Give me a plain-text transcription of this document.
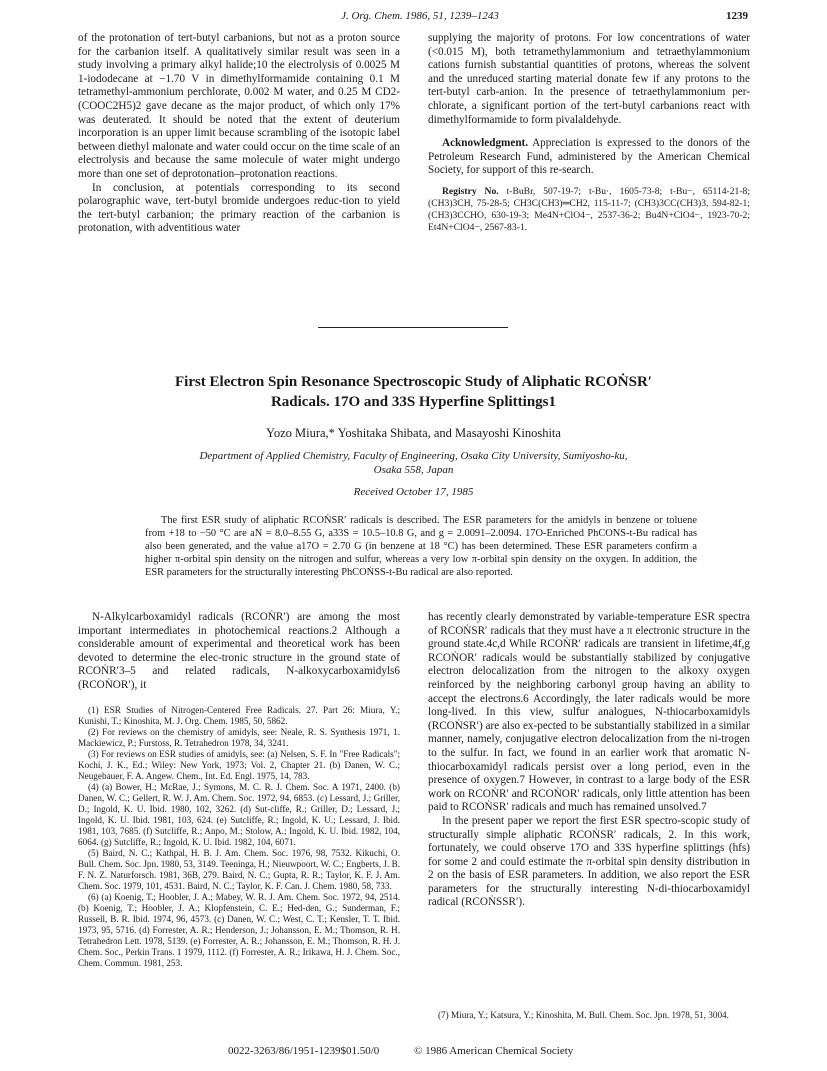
J. Org. Chem. 1986, 51, 1239–1243	1239

of the protonation of tert-butyl carbanions, but not as a proton source for the carbanion itself. A qualitatively similar result was seen in a study involving a primary alkyl halide;10 the electrolysis of 0.0025 M 1-iododecane at −1.70 V in dimethylformamide containing 0.1 M tetramethyl-ammonium perchlorate, 0.002 M water, and 0.25 M CD2-(COOC2H5)2 gave decane as the major product, of which only 17% was deuterated. It should be noted that the extent of deuterium incorporation is an upper limit because scrambling of the isotopic label between diethyl malonate and water could occur on the time scale of an electrolysis and because the same molecule of water might undergo more than one set of deprotonation–protonation reactions.

In conclusion, at potentials corresponding to its second polarographic wave, tert-butyl bromide undergoes reduc-tion to yield the tert-butyl carbanion; the primary reaction of the carbanion is protonation, with adventitious water

supplying the majority of protons. For low concentrations of water (<0.015 M), both tetramethylammonium and tetraethylammonium cations furnish substantial quantities of protons, whereas the solvent and the unreduced starting material donate few if any protons to the tert-butyl carb-anion. In the presence of tetraethylammonium per-chlorate, a significant portion of the tert-butyl carbanions react with dimethylformamide to form pivalaldehyde.

Acknowledgment. Appreciation is expressed to the donors of the Petroleum Research Fund, administered by the American Chemical Society, for support of this re-search.

Registry No. t-BuBr, 507-19-7; t-Bu·, 1605-73-8; t-Bu−, 65114-21-8; (CH3)3CH, 75-28-5; CH3C(CH3)═CH2, 115-11-7; (CH3)3CC(CH3)3, 594-82-1; (CH3)3CCHO, 630-19-3; Me4N+ClO4−, 2537-36-2; Bu4N+ClO4−, 1923-70-2; Et4N+ClO4−, 2567-83-1.

First Electron Spin Resonance Spectroscopic Study of Aliphatic RCOṄSR′
Radicals. 17O and 33S Hyperfine Splittings1
Yozo Miura,* Yoshitaka Shibata, and Masayoshi Kinoshita
Department of Applied Chemistry, Faculty of Engineering, Osaka City University, Sumiyosho-ku,
Osaka 558, Japan
Received October 17, 1985

The first ESR study of aliphatic RCOṄSR′ radicals is described. The ESR parameters for the amidyls in benzene or toluene from +18 to −50 °C are aN = 8.0–8.55 G, a33S = 10.5–10.8 G, and g = 2.0091–2.0094. 17O-Enriched PhCONS-t-Bu radical has also been generated, and the value a17O = 2.70 G (in benzene at 18 °C) has been determined. These ESR parameters confirm a higher π-orbital spin density on the nitrogen and sulfur, whereas a very low π-orbital spin density on the oxygen. In addition, the ESR parameters for the structurally interesting PhCOṄSS-t-Bu radical are also reported.

N-Alkylcarboxamidyl radicals (RCOṄR′) are among the most important intermediates in photochemical reactions.2 Although a considerable amount of experimental and theoretical work has been devoted to determine the elec-tronic structure in the ground state of RCOṄR′3–5 and related radicals, N-alkoxycarboxamidyls6 (RCOṄOR′), it

(1) ESR Studies of Nitrogen-Centered Free Radicals. 27. Part 26: Miura, Y.; Kunishi, T.; Kinoshita, M. J. Org. Chem. 1985, 50, 5862.

(2) For reviews on the chemistry of amidyls, see: Neale, R. S. Synthesis 1971, 1. Mackiewicz, P.; Furstoss, R. Tetrahedron 1978, 34, 3241.

(3) For reviews on ESR studies of amidyls, see: (a) Nelsen, S. F. In "Free Radicals"; Kochi, J. K., Ed.; Wiley: New York, 1973; Vol. 2, Chapter 21. (b) Danen, W. C.; Neugebauer, F. A. Angew. Chem., Int. Ed. Engl. 1975, 14, 783.

(4) (a) Bower, H.; McRae, J.; Symons, M. C. R. J. Chem. Soc. A 1971, 2400. (b) Danen, W. C.; Gellert, R. W. J. Am. Chem. Soc. 1972, 94, 6853. (c) Lessard, J.; Griller, D.; Ingold, K. U. Ibid. 1980, 102, 3262. (d) Sut-cliffe, R.; Griller, D.; Lessard, J.; Ingold, K. U. Ibid. 1981, 103, 624. (e) Sutcliffe, R.; Ingold, K. U.; Lessard, J. Ibid. 1981, 103, 7685. (f) Sutcliffe, R.; Anpo, M.; Stolow, A.; Ingold, K. U. Ibid. 1982, 104, 6064. (g) Sutcliffe, R.; Ingold, K. U. Ibid. 1982, 104, 6071.

(5) Baird, N. C.; Kathpal, H. B. J. Am. Chem. Soc. 1976, 98, 7532. Kikuchi, O. Bull. Chem. Soc. Jpn. 1980, 53, 3149. Teeninga, H.; Nieuwpoort, W. C.; Engberts, J. B. F. N. Z. Naturforsch. 1981, 36B, 279. Baird, N. C.; Gupta, R. R.; Taylor, K. F. J. Am. Chem. Soc. 1979, 101, 4531. Baird, N. C.; Taylor, K. F. Can. J. Chem. 1980, 58, 733.

(6) (a) Koenig, T.; Hoobler, J. A.; Mabey, W. R. J. Am. Chem. Soc. 1972, 94, 2514. (b) Koenig, T.; Hoobler, J. A.; Klopfenstein, C. E.; Hed-den, G.; Sunderman, F.; Russell, B. R. Ibid. 1974, 96, 4573. (c) Danen, W. C.; West, C. T.; Kensler, T. T. Ibid. 1973, 95, 5716. (d) Forrester, A. R.; Henderson, J.; Johansson, E. M.; Thomson, R. H. Tetrahedron Lett. 1978, 5139. (e) Forrester, A. R.; Johansson, E. M.; Thomson, R. H. J. Chem. Soc., Perkin Trans. 1 1979, 1112. (f) Forrester, A. R.; Irikawa, H. J. Chem. Soc., Chem. Commun. 1981, 253.

has recently clearly demonstrated by variable-temperature ESR spectra of RCOṄSR′ radicals that they must have a π electronic structure in the ground state.4c,d While RCOṄR′ radicals are transient in lifetime,4f,g RCOṄOR′ radicals would be substantially stabilized by conjugative electron delocalization from the nitrogen to the alkoxy oxygen reinforced by the neighboring carbonyl group having an ability to accept the electrons.6 Accordingly, the later radicals would be more long-lived. In this view, sulfur analogues, N-thiocarboxamidyls (RCOṄSR′) are also ex-pected to be substantially stabilized in a similar manner, namely, conjugative electron delocalization from the ni-trogen to the sulfur. In fact, we found in an earlier work that aromatic N-thiocarboxamidyl radicals persist over a long period, even in the presence of oxygen.7 However, in contrast to a large body of the ESR work on RCOṄR′ and RCOṄOR′ radicals, only little attention has been paid to RCOṄSR′ radicals and much has remained unsolved.7

In the present paper we report the first ESR spectro-scopic study of structurally simple aliphatic RCOṄSR′ radicals, 2. In this work, fortunately, we could observe 17O and 33S hyperfine splittings (hfs) for some 2 and could estimate the π-orbital spin density distribution in 2 on the basis of ESR parameters. In addition, we also report the ESR parameters for the structurally interesting N-di-thiocarboxamidyl radical (RCOṄSSR′).

(7) Miura, Y.; Katsura, Y.; Kinoshita, M. Bull. Chem. Soc. Jpn. 1978, 51, 3004.

0022-3263/86/1951-1239$01.50/0	© 1986 American Chemical Society
